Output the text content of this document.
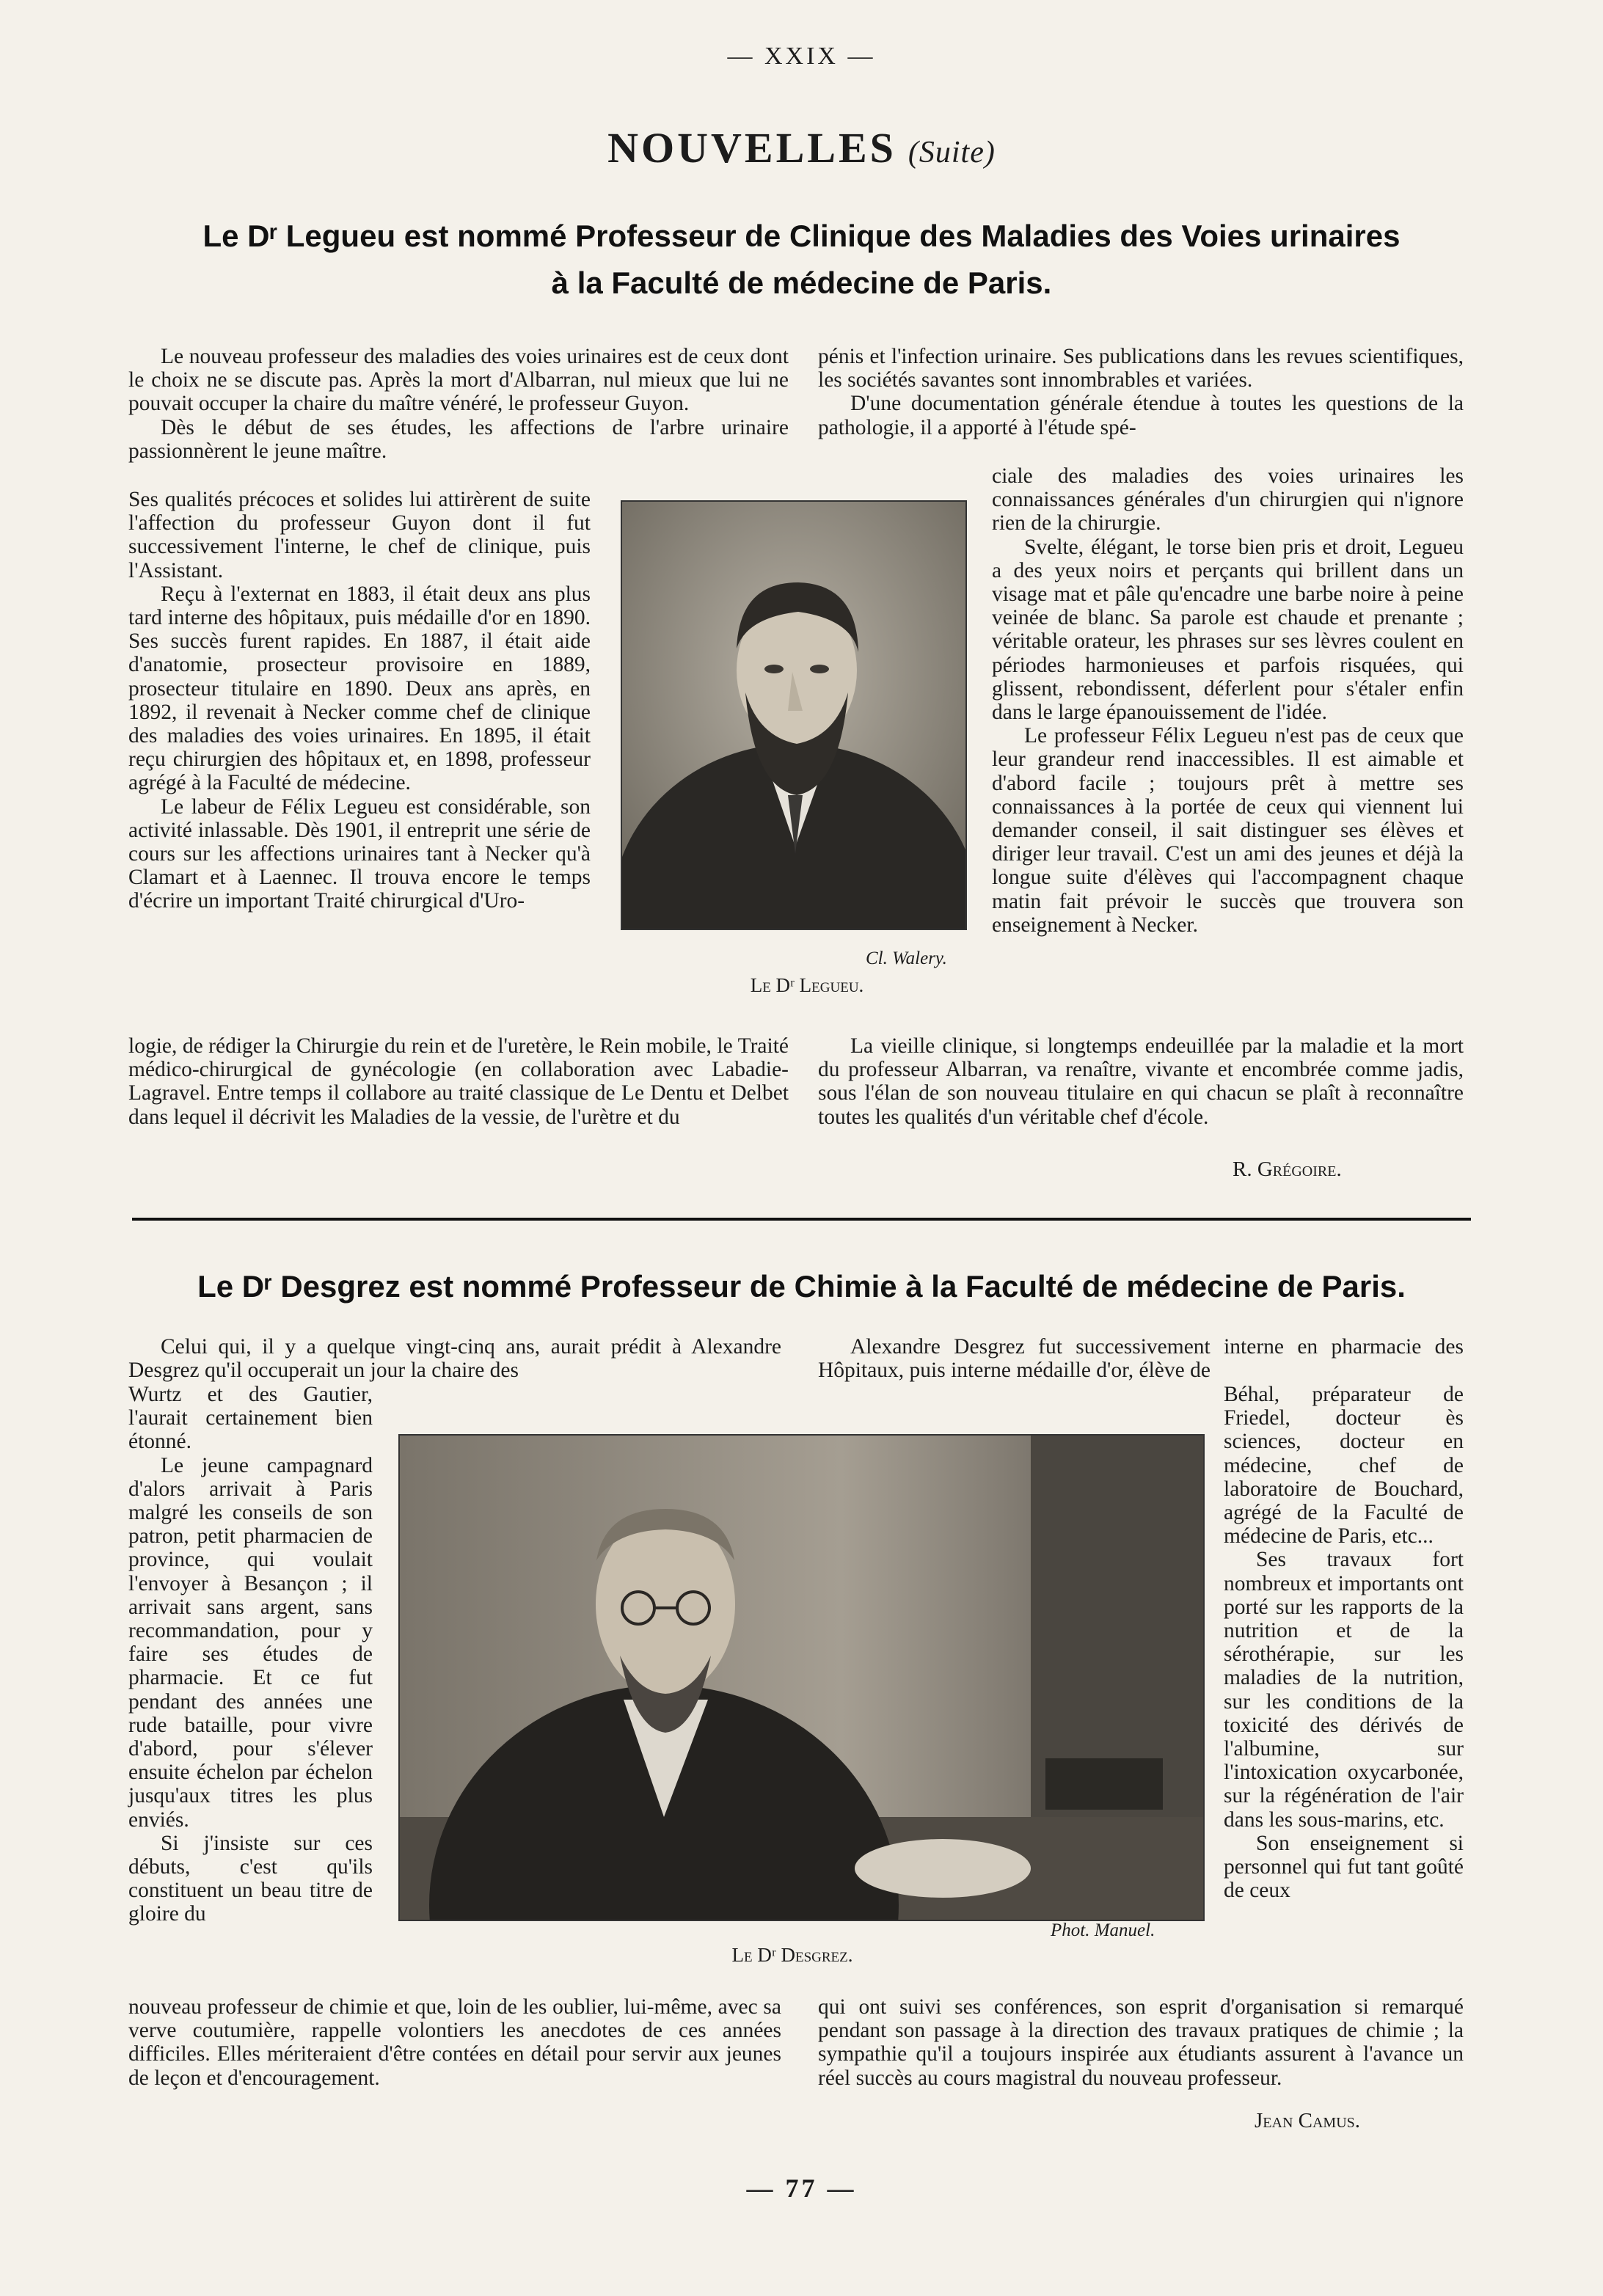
— XXIX —
NOUVELLES (Suite)
Le Dʳ Legueu est nommé Professeur de Clinique des Maladies des Voies urinaires
à la Faculté de médecine de Paris.

Le nouveau professeur des maladies des voies urinaires est de ceux dont le choix ne se discute pas. Après la mort d'Albarran, nul mieux que lui ne pouvait occuper la chaire du maître vénéré, le professeur Guyon.

Dès le début de ses études, les affections de l'arbre urinaire passionnèrent le jeune maître.

Ses qualités précoces et solides lui attirèrent de suite l'affection du professeur Guyon dont il fut successivement l'interne, le chef de clinique, puis l'Assistant.

Reçu à l'externat en 1883, il était deux ans plus tard interne des hôpitaux, puis médaille d'or en 1890. Ses succès furent rapides. En 1887, il était aide d'anatomie, prosecteur provisoire en 1889, prosecteur titulaire en 1890. Deux ans après, en 1892, il revenait à Necker comme chef de clinique des maladies des voies urinaires. En 1895, il était reçu chirurgien des hôpitaux et, en 1898, professeur agrégé à la Faculté de médecine.

Le labeur de Félix Legueu est considérable, son activité inlassable. Dès 1901, il entreprit une série de cours sur les affections urinaires tant à Necker qu'à Clamart et à Laennec. Il trouva encore le temps d'écrire un important Traité chirurgical d'Uro-

logie, de rédiger la Chirurgie du rein et de l'uretère, le Rein mobile, le Traité médico-chirurgical de gynécologie (en collaboration avec Labadie-Lagravel. Entre temps il collabore au traité classique de Le Dentu et Delbet dans lequel il décrivit les Maladies de la vessie, de l'urètre et du

Cl. Walery.
Le Dʳ Legueu.

pénis et l'infection urinaire. Ses publications dans les revues scientifiques, les sociétés savantes sont innombrables et variées.

D'une documentation générale étendue à toutes les questions de la pathologie, il a apporté à l'étude spé-

ciale des maladies des voies urinaires les connaissances générales d'un chirurgien qui n'ignore rien de la chirurgie.

Svelte, élégant, le torse bien pris et droit, Legueu a des yeux noirs et perçants qui brillent dans un visage mat et pâle qu'encadre une barbe noire à peine veinée de blanc. Sa parole est chaude et prenante ; véritable orateur, les phrases sur ses lèvres coulent en périodes harmonieuses et parfois risquées, qui glissent, rebondissent, déferlent pour s'étaler enfin dans le large épanouissement de l'idée.

Le professeur Félix Legueu n'est pas de ceux que leur grandeur rend inaccessibles. Il est aimable et d'abord facile ; toujours prêt à mettre ses connaissances à la portée de ceux qui viennent lui demander conseil, il sait distinguer ses élèves et diriger leur travail. C'est un ami des jeunes et déjà la longue suite d'élèves qui l'accompagnent chaque matin fait prévoir le succès que trouvera son enseignement à Necker.

La vieille clinique, si longtemps endeuillée par la maladie et la mort du professeur Albarran, va renaître, vivante et encombrée comme jadis, sous l'élan de son nouveau titulaire en qui chacun se plaît à reconnaître toutes les qualités d'un véritable chef d'école.

R. Grégoire.
Le Dʳ Desgrez est nommé Professeur de Chimie à la Faculté de médecine de Paris.

Celui qui, il y a quelque vingt-cinq ans, aurait prédit à Alexandre Desgrez qu'il occuperait un jour la chaire des

Wurtz et des Gautier, l'aurait certainement bien étonné.

Le jeune campagnard d'alors arrivait à Paris malgré les conseils de son patron, petit pharmacien de province, qui voulait l'envoyer à Besançon ; il arrivait sans argent, sans recommandation, pour y faire ses études de pharmacie. Et ce fut pendant des années une rude bataille, pour vivre d'abord, pour s'élever ensuite échelon par échelon jusqu'aux titres les plus enviés.

Si j'insiste sur ces débuts, c'est qu'ils constituent un beau titre de gloire du

nouveau professeur de chimie et que, loin de les oublier, lui-même, avec sa verve coutumière, rappelle volontiers les anecdotes de ces années difficiles. Elles mériteraient d'être contées en détail pour servir aux jeunes de leçon et d'encouragement.

Phot. Manuel.
Le Dʳ Desgrez.

Alexandre Desgrez fut successivement interne en pharmacie des Hôpitaux, puis interne médaille d'or, élève de

Béhal, préparateur de Friedel, docteur ès sciences, docteur en médecine, chef de laboratoire de Bouchard, agrégé de la Faculté de médecine de Paris, etc...

Ses travaux fort nombreux et importants ont porté sur les rapports de la nutrition et de la sérothérapie, sur les maladies de la nutrition, sur les conditions de la toxicité des dérivés de l'albumine, sur l'intoxication oxycarbonée, sur la régénération de l'air dans les sous-marins, etc.

Son enseignement si personnel qui fut tant goûté de ceux

qui ont suivi ses conférences, son esprit d'organisation si remarqué pendant son passage à la direction des travaux pratiques de chimie ; la sympathie qu'il a toujours inspirée aux étudiants assurent à l'avance un réel succès au cours magistral du nouveau professeur.

Jean Camus.
— 77 —
